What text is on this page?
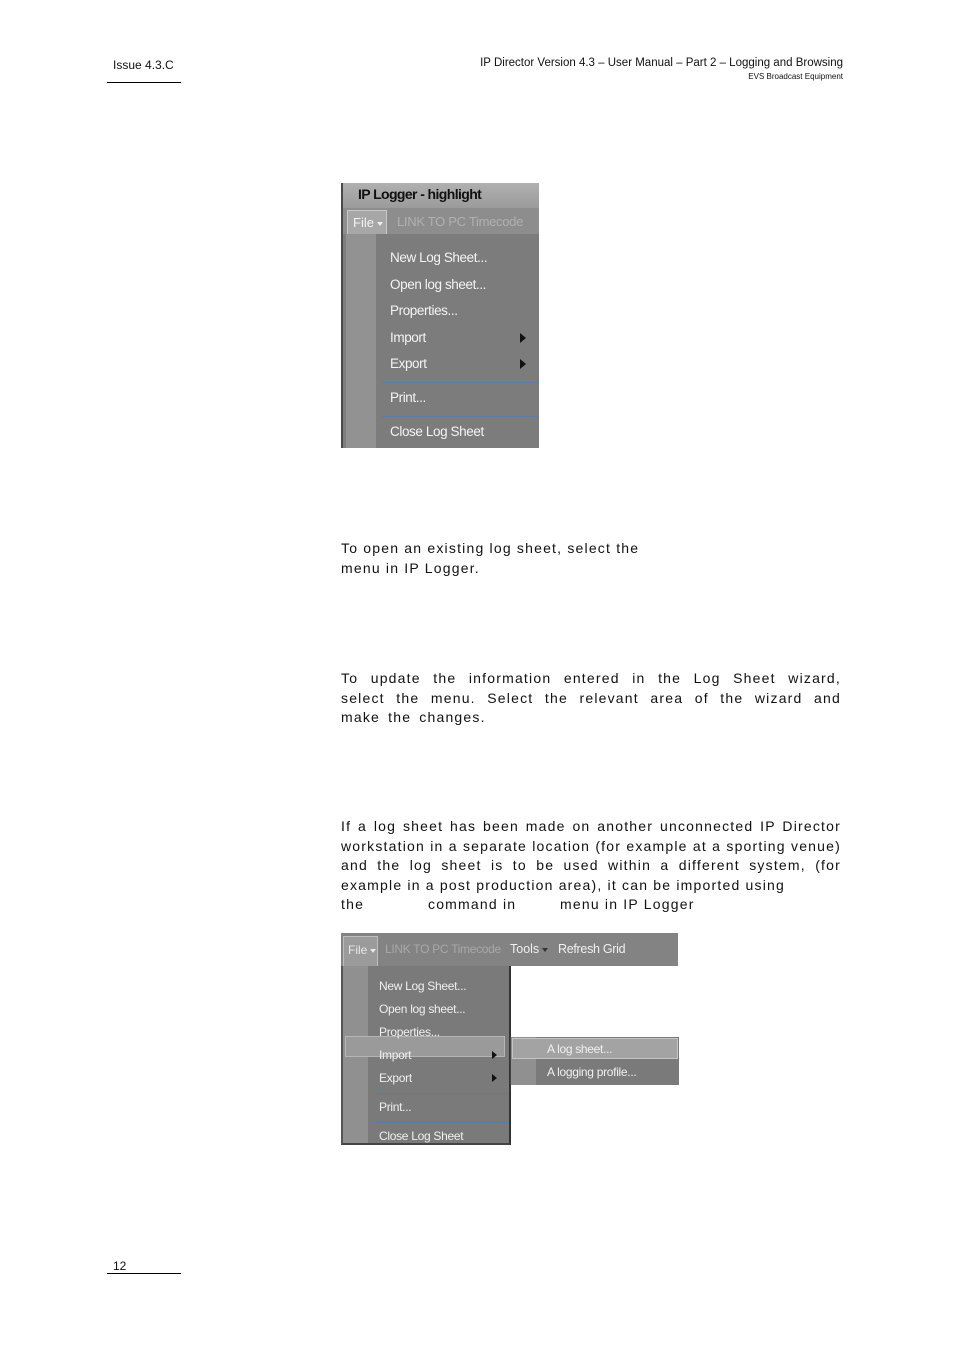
Issue 4.3.C	IP Director Version 4.3 – User Manual – Part 2 – Logging and Browsing
EVS Broadcast Equipment
IP Logger - highlight
File	LINK TO PC Timecode
New Log Sheet...
Open log sheet...
Properties...
Import
Export
Print...
Close Log Sheet
To open an existing log sheet, select the
menu in IP Logger.
To update the information entered in the Log Sheet wizard, select the menu. Select the relevant area of the wizard and make the changes.
If a log sheet has been made on another unconnected IP Director workstation in a separate location (for example at a sporting venue) and the log sheet is to be used within a different system, (for example in a post production area), it can be imported using
the	command in	menu in IP Logger
File	LINK TO PC Timecode Tools	Refresh Grid
New Log Sheet...
Open log sheet...
Properties...
Import
Export
Print...
Close Log Sheet
A log sheet...
A logging profile...
12
